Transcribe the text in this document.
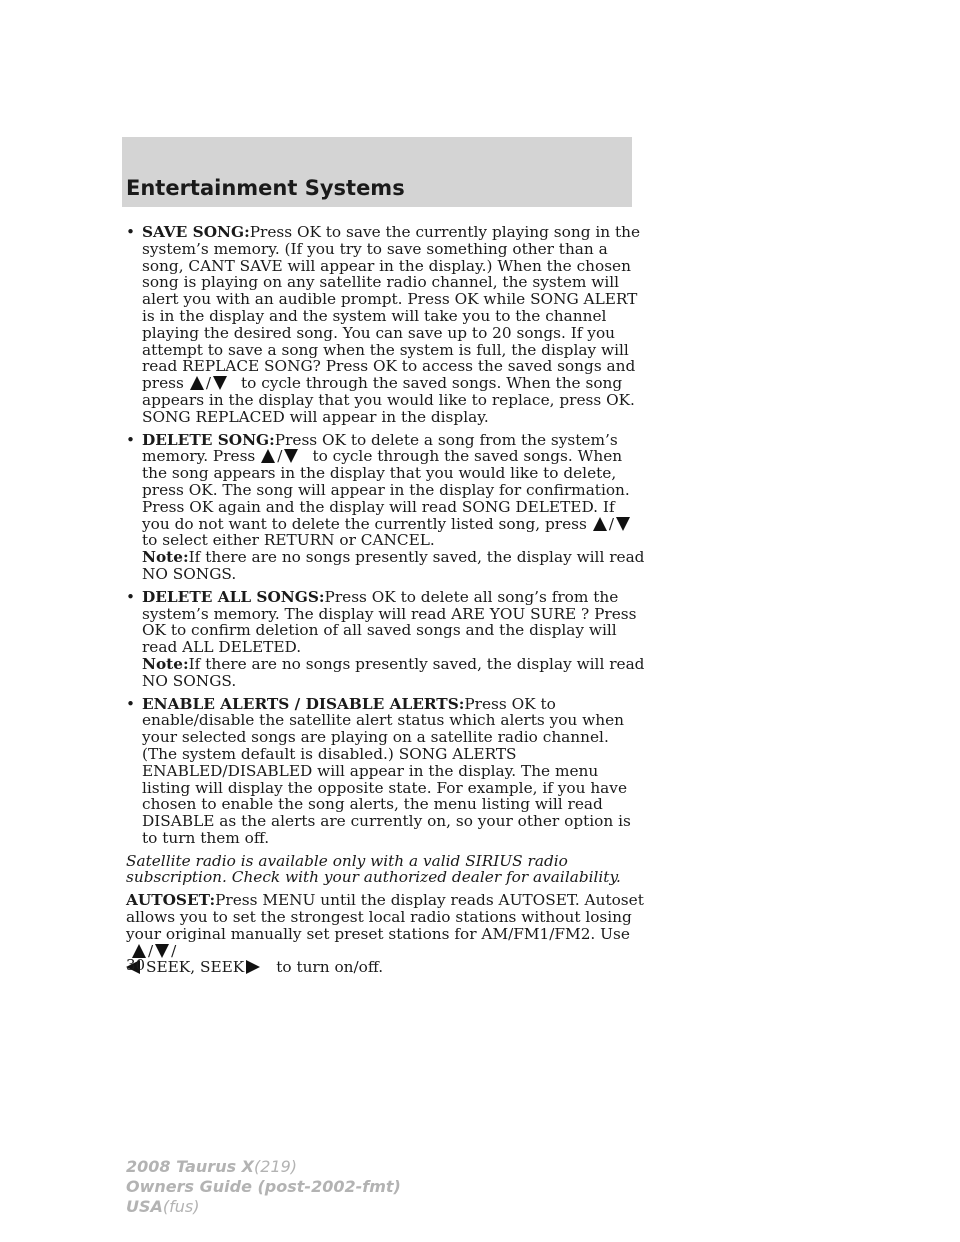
Entertainment Systems
• SAVE SONG:Press OK to save the currently playing song in the system’s memory. (If you try to save something other than a song, CANT SAVE will appear in the display.) When the chosen song is playing on any satellite radio channel, the system will alert you with an audible prompt. Press OK while SONG ALERT is in the display and the system will take you to the channel playing the desired song. You can save up to 20 songs. If you attempt to save a song when the system is full, the display will read REPLACE SONG? Press OK to access the saved songs and press / to cycle through the saved songs. When the song appears in the display that you would like to replace, press OK. SONG REPLACED will appear in the display.
• DELETE SONG:Press OK to delete a song from the system’s memory. Press / to cycle through the saved songs. When the song appears in the display that you would like to delete, press OK. The song will appear in the display for confirmation. Press OK again and the display will read SONG DELETED. If you do not want to delete the currently listed song, press /to select either RETURN or CANCEL.
Note:If there are no songs presently saved, the display will read NO SONGS.
• DELETE ALL SONGS:Press OK to delete all song’s from the system’s memory. The display will read ARE YOU SURE ? Press OK to confirm deletion of all saved songs and the display will read ALL DELETED.
Note:If there are no songs presently saved, the display will read NO SONGS.
• ENABLE ALERTS / DISABLE ALERTS:Press OK to enable/disable the satellite alert status which alerts you when your selected songs are playing on a satellite radio channel. (The system default is disabled.) SONG ALERTS ENABLED/DISABLED will appear in the display. The menu listing will display the opposite state. For example, if you have chosen to enable the song alerts, the menu listing will read DISABLE as the alerts are currently on, so your other option is to turn them off.

Satellite radio is available only with a valid SIRIUS radio subscription. Check with your authorized dealer for availability.

AUTOSET:Press MENU until the display reads AUTOSET. Autoset allows you to set the strongest local radio stations without losing your original manually set preset stations for AM/FM1/FM2. Use/ /
SEEK, SEEK to turn on/off.

30
2008 Taurus X(219)
Owners Guide (post-2002-fmt)
USA(fus)
